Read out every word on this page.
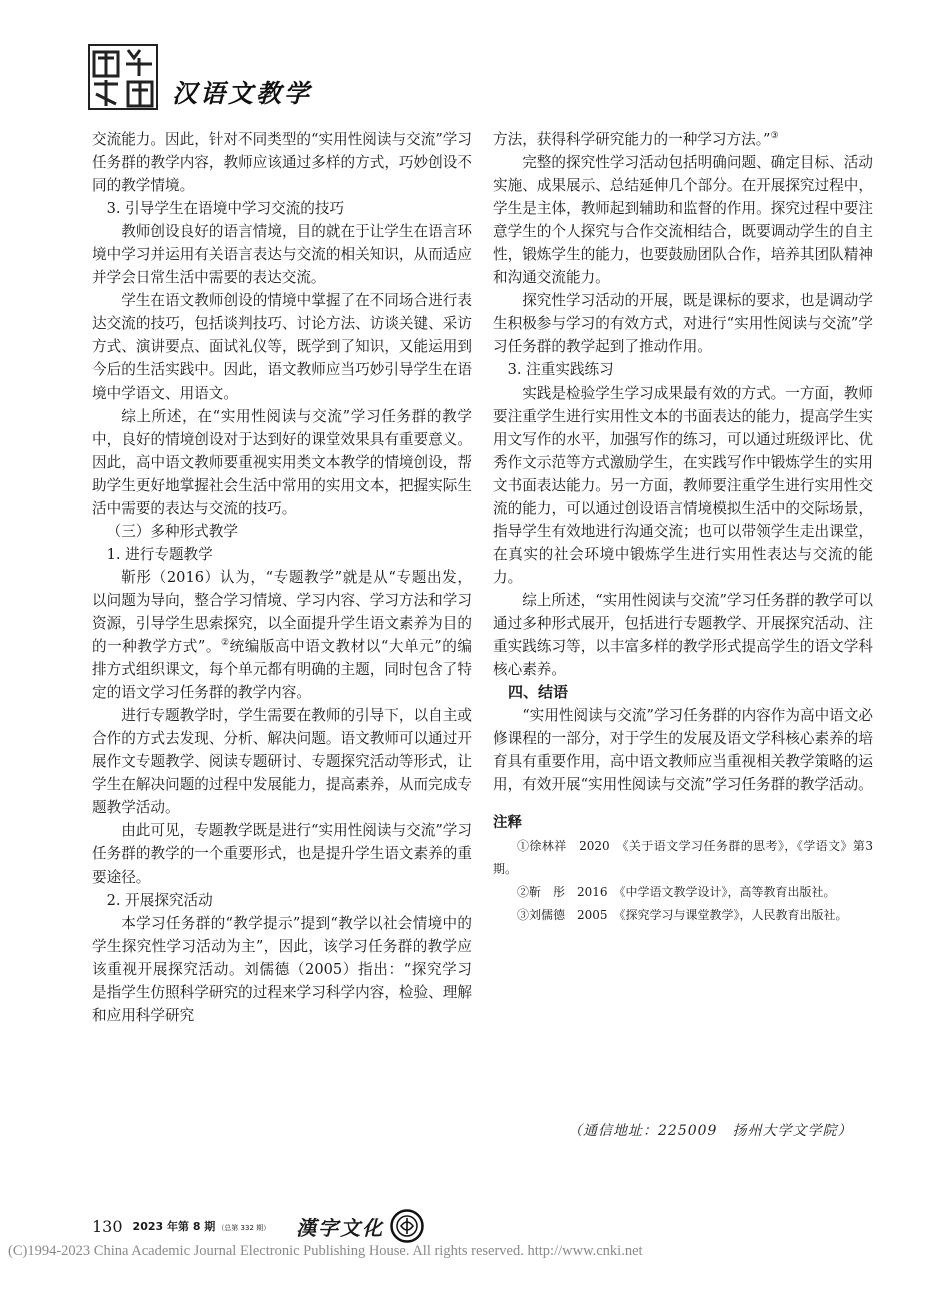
汉语文教学

交流能力。因此，针对不同类型的“实用性阅读与交流”学习任务群的教学内容，教师应该通过多样的方式，巧妙创设不同的教学情境。

3. 引导学生在语境中学习交流的技巧

教师创设良好的语言情境，目的就在于让学生在语言环境中学习并运用有关语言表达与交流的相关知识，从而适应并学会日常生活中需要的表达交流。

学生在语文教师创设的情境中掌握了在不同场合进行表达交流的技巧，包括谈判技巧、讨论方法、访谈关键、采访方式、演讲要点、面试礼仪等，既学到了知识，又能运用到今后的生活实践中。因此，语文教师应当巧妙引导学生在语境中学语文、用语文。

综上所述，在“实用性阅读与交流”学习任务群的教学中，良好的情境创设对于达到好的课堂效果具有重要意义。因此，高中语文教师要重视实用类文本教学的情境创设，帮助学生更好地掌握社会生活中常用的实用文本，把握实际生活中需要的表达与交流的技巧。

（三）多种形式教学

1. 进行专题教学

靳彤（2016）认为，“专题教学”就是从“专题出发，以问题为导向，整合学习情境、学习内容、学习方法和学习资源，引导学生思索探究，以全面提升学生语文素养为目的的一种教学方式”。②统编版高中语文教材以“大单元”的编排方式组织课文，每个单元都有明确的主题，同时包含了特定的语文学习任务群的教学内容。

进行专题教学时，学生需要在教师的引导下，以自主或合作的方式去发现、分析、解决问题。语文教师可以通过开展作文专题教学、阅读专题研讨、专题探究活动等形式，让学生在解决问题的过程中发展能力，提高素养，从而完成专题教学活动。

由此可见，专题教学既是进行“实用性阅读与交流”学习任务群的教学的一个重要形式，也是提升学生语文素养的重要途径。

2. 开展探究活动

本学习任务群的“教学提示”提到“教学以社会情境中的学生探究性学习活动为主”，因此，该学习任务群的教学应该重视开展探究活动。刘儒德（2005）指出：“探究学习是指学生仿照科学研究的过程来学习科学内容，检验、理解和应用科学研究

方法，获得科学研究能力的一种学习方法。”③

完整的探究性学习活动包括明确问题、确定目标、活动实施、成果展示、总结延伸几个部分。在开展探究过程中，学生是主体，教师起到辅助和监督的作用。探究过程中要注意学生的个人探究与合作交流相结合，既要调动学生的自主性，锻炼学生的能力，也要鼓励团队合作，培养其团队精神和沟通交流能力。

探究性学习活动的开展，既是课标的要求，也是调动学生积极参与学习的有效方式，对进行“实用性阅读与交流”学习任务群的教学起到了推动作用。

3. 注重实践练习

实践是检验学生学习成果最有效的方式。一方面，教师要注重学生进行实用性文本的书面表达的能力，提高学生实用文写作的水平，加强写作的练习，可以通过班级评比、优秀作文示范等方式激励学生，在实践写作中锻炼学生的实用文书面表达能力。另一方面，教师要注重学生进行实用性交流的能力，可以通过创设语言情境模拟生活中的交际场景，指导学生有效地进行沟通交流；也可以带领学生走出课堂，在真实的社会环境中锻炼学生进行实用性表达与交流的能力。

综上所述，“实用性阅读与交流”学习任务群的教学可以通过多种形式展开，包括进行专题教学、开展探究活动、注重实践练习等，以丰富多样的教学形式提高学生的语文学科核心素养。

四、结语

“实用性阅读与交流”学习任务群的内容作为高中语文必修课程的一部分，对于学生的发展及语文学科核心素养的培育具有重要作用，高中语文教师应当重视相关教学策略的运用，有效开展“实用性阅读与交流”学习任务群的教学活动。

注释
①徐林祥　2020　《关于语文学习任务群的思考》，《学语文》第3期。
②靳　彤　2016　《中学语文教学设计》，高等教育出版社。
③刘儒德　2005　《探究学习与课堂教学》，人民教育出版社。
（通信地址：225009　扬州大学文学院）
130 2023 年第 8 期 （总第 332 期） 漢字文化
(C)1994-2023 China Academic Journal Electronic Publishing House. All rights reserved. http://www.cnki.net
